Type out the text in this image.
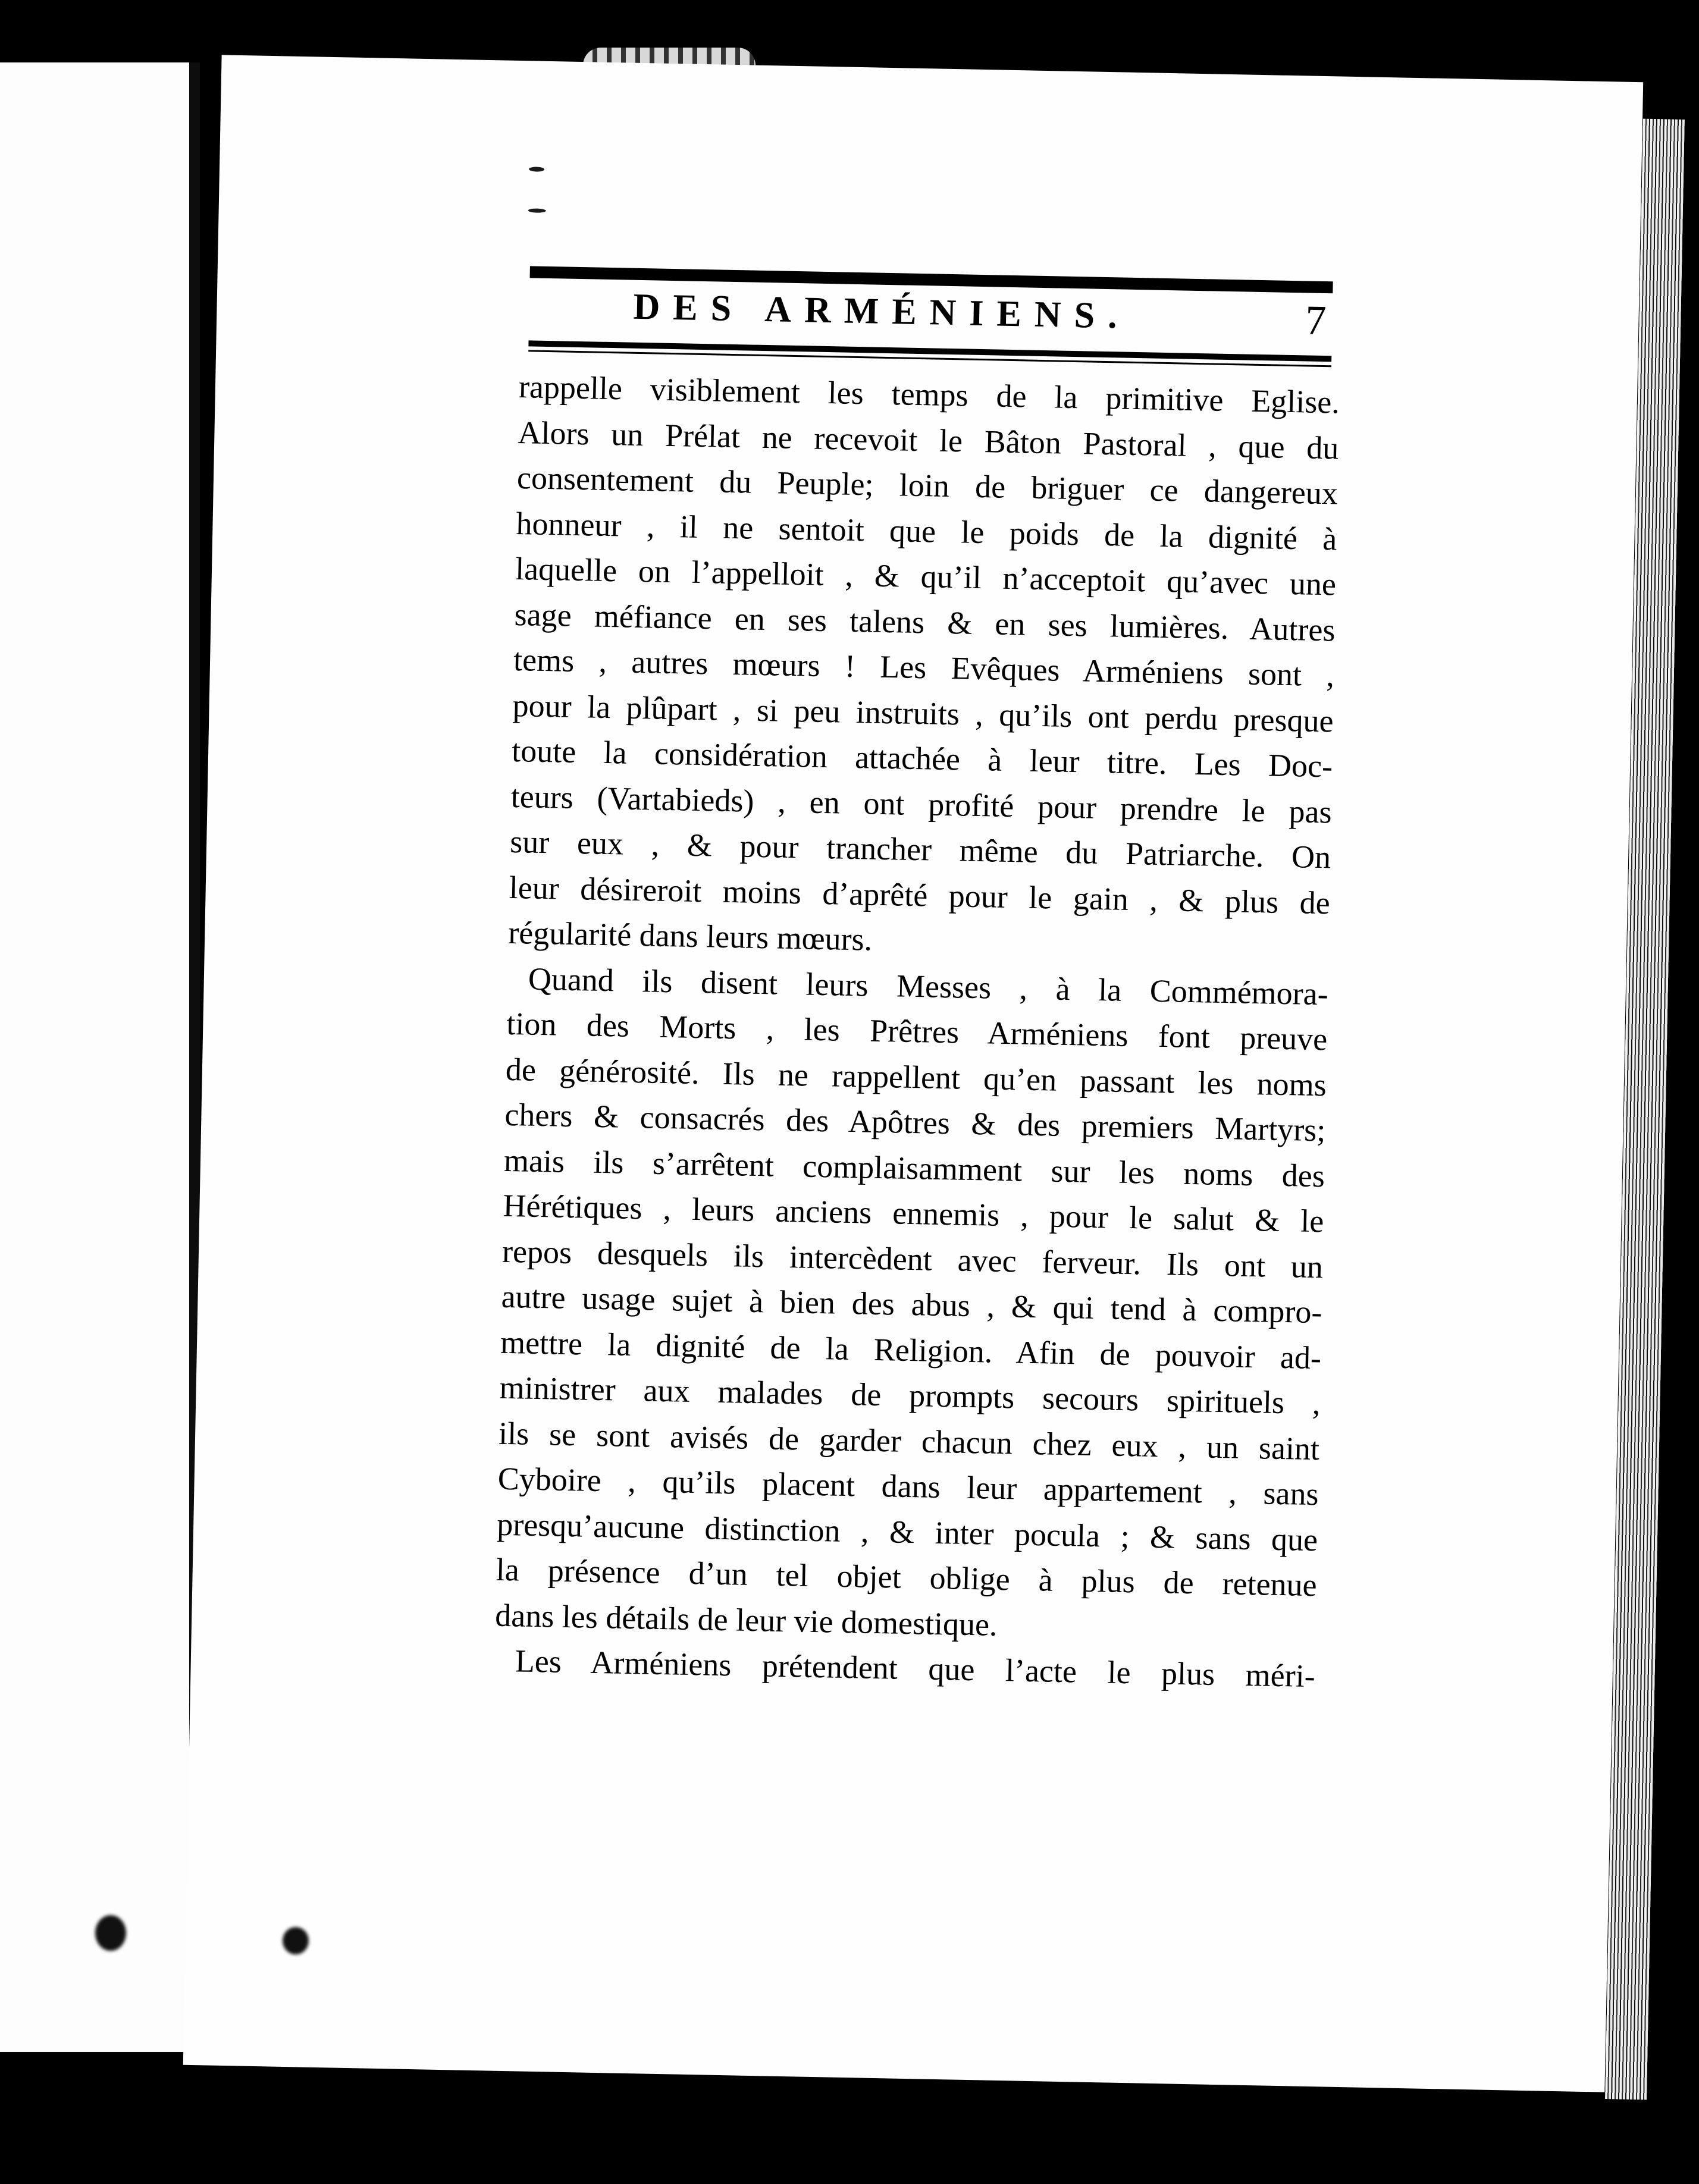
DES ARMÉNIENS.	7
rappelle visiblement les temps de la primitive Eglise.
Alors un Prélat ne recevoit le Bâton Pastoral , que du
consentement du Peuple; loin de briguer ce dangereux
honneur , il ne sentoit que le poids de la dignité à
laquelle on l’appelloit , & qu’il n’acceptoit qu’avec une
sage méfiance en ses talens & en ses lumières. Autres
tems , autres mœurs ! Les Evêques Arméniens sont ,
pour la plûpart , si peu instruits , qu’ils ont perdu presque
toute la considération attachée à leur titre. Les Doc-
teurs (Vartabieds) , en ont profité pour prendre le pas
sur eux , & pour trancher même du Patriarche. On
leur désireroit moins d’aprêté pour le gain , & plus de
régularité dans leurs mœurs.
Quand ils disent leurs Messes , à la Commémora-
tion des Morts , les Prêtres Arméniens font preuve
de générosité. Ils ne rappellent qu’en passant les noms
chers & consacrés des Apôtres & des premiers Martyrs;
mais ils s’arrêtent complaisamment sur les noms des
Hérétiques , leurs anciens ennemis , pour le salut & le
repos desquels ils intercèdent avec ferveur. Ils ont un
autre usage sujet à bien des abus , & qui tend à compro-
mettre la dignité de la Religion. Afin de pouvoir ad-
ministrer aux malades de prompts secours spirituels ,
ils se sont avisés de garder chacun chez eux , un saint
Cyboire , qu’ils placent dans leur appartement , sans
presqu’aucune distinction , & inter pocula ; & sans que
la présence d’un tel objet oblige à plus de retenue
dans les détails de leur vie domestique.
Les Arméniens prétendent que l’acte le plus méri-
